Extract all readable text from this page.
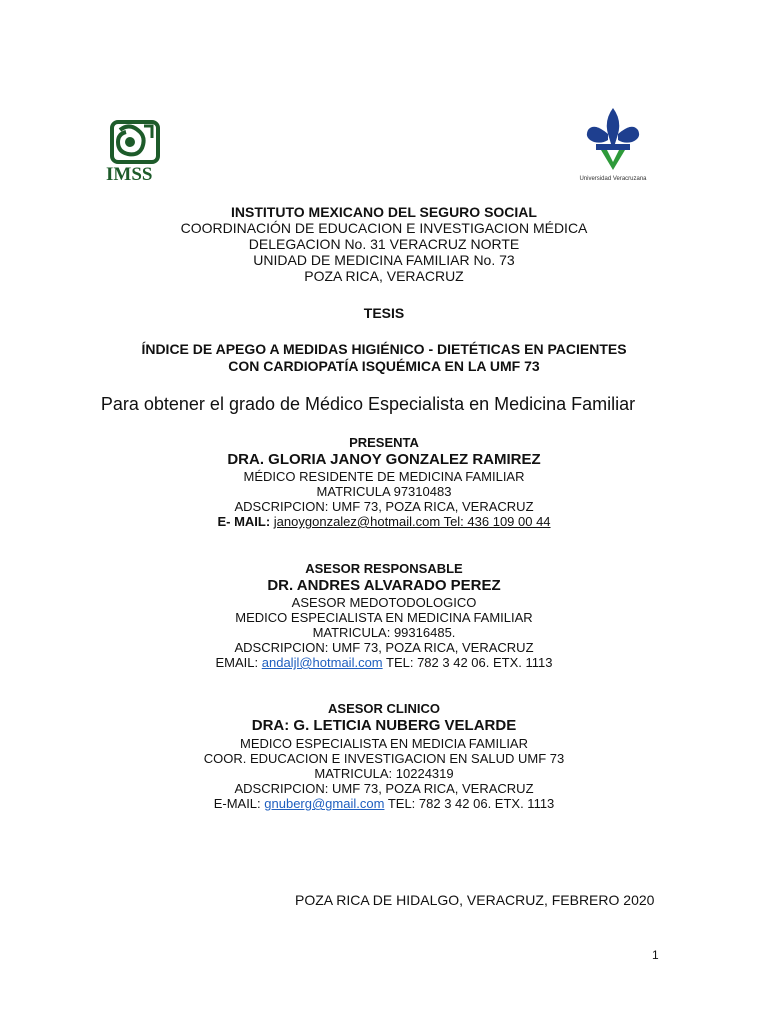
IMSS	Universidad Veracruzana
INSTITUTO MEXICANO DEL SEGURO SOCIAL
COORDINACIÓN DE EDUCACION E INVESTIGACION MÉDICA
DELEGACION No. 31 VERACRUZ NORTE
UNIDAD DE MEDICINA FAMILIAR No. 73
POZA RICA, VERACRUZ
TESIS
ÍNDICE DE APEGO A MEDIDAS HIGIÉNICO - DIETÉTICAS EN PACIENTES
CON CARDIOPATÍA ISQUÉMICA EN LA UMF 73
Para obtener el grado de Médico Especialista en Medicina Familiar
PRESENTA
DRA. GLORIA JANOY GONZALEZ RAMIREZ
MÉDICO RESIDENTE DE MEDICINA FAMILIAR
MATRICULA 97310483
ADSCRIPCION: UMF 73, POZA RICA, VERACRUZ
E- MAIL: janoygonzalez@hotmail.com Tel: 436 109 00 44
ASESOR RESPONSABLE
DR. ANDRES ALVARADO PEREZ
ASESOR MEDOTODOLOGICO
MEDICO ESPECIALISTA EN MEDICINA FAMILIAR
MATRICULA: 99316485.
ADSCRIPCION: UMF 73, POZA RICA, VERACRUZ
EMAIL: andaljl@hotmail.com TEL: 782 3 42 06. ETX. 1113
ASESOR CLINICO
DRA: G. LETICIA NUBERG VELARDE
MEDICO ESPECIALISTA EN MEDICIA FAMILIAR
COOR. EDUCACION E INVESTIGACION EN SALUD UMF 73
MATRICULA: 10224319
ADSCRIPCION: UMF 73, POZA RICA, VERACRUZ
E-MAIL: gnuberg@gmail.com TEL: 782 3 42 06. ETX. 1113
POZA RICA DE HIDALGO, VERACRUZ, FEBRERO 2020
1
